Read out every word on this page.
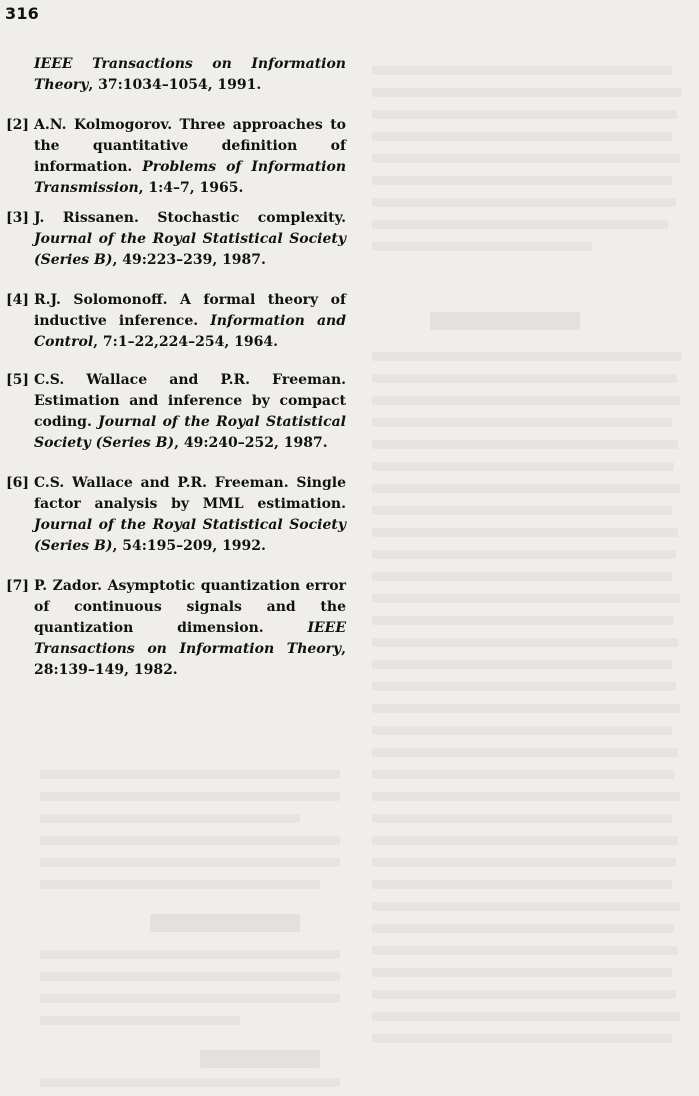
316
IEEE Transactions on Information Theory, 37:1034–1054, 1991.
[2] A.N. Kolmogorov. Three approaches to the quantitative definition of information. Problems of Information Transmission, 1:4–7, 1965.
[3] J. Rissanen. Stochastic complexity. Journal of the Royal Statistical Society (Series B), 49:223–239, 1987.
[4] R.J. Solomonoff. A formal theory of inductive inference. Information and Control, 7:1–22,224–254, 1964.
[5] C.S. Wallace and P.R. Freeman. Estimation and inference by compact coding. Journal of the Royal Statistical Society (Series B), 49:240–252, 1987.
[6] C.S. Wallace and P.R. Freeman. Single factor analysis by MML estimation. Journal of the Royal Statistical Society (Series B), 54:195–209, 1992.
[7] P. Zador. Asymptotic quantization error of continuous signals and the quantization dimension. IEEE Transactions on Information Theory, 28:139–149, 1982.
